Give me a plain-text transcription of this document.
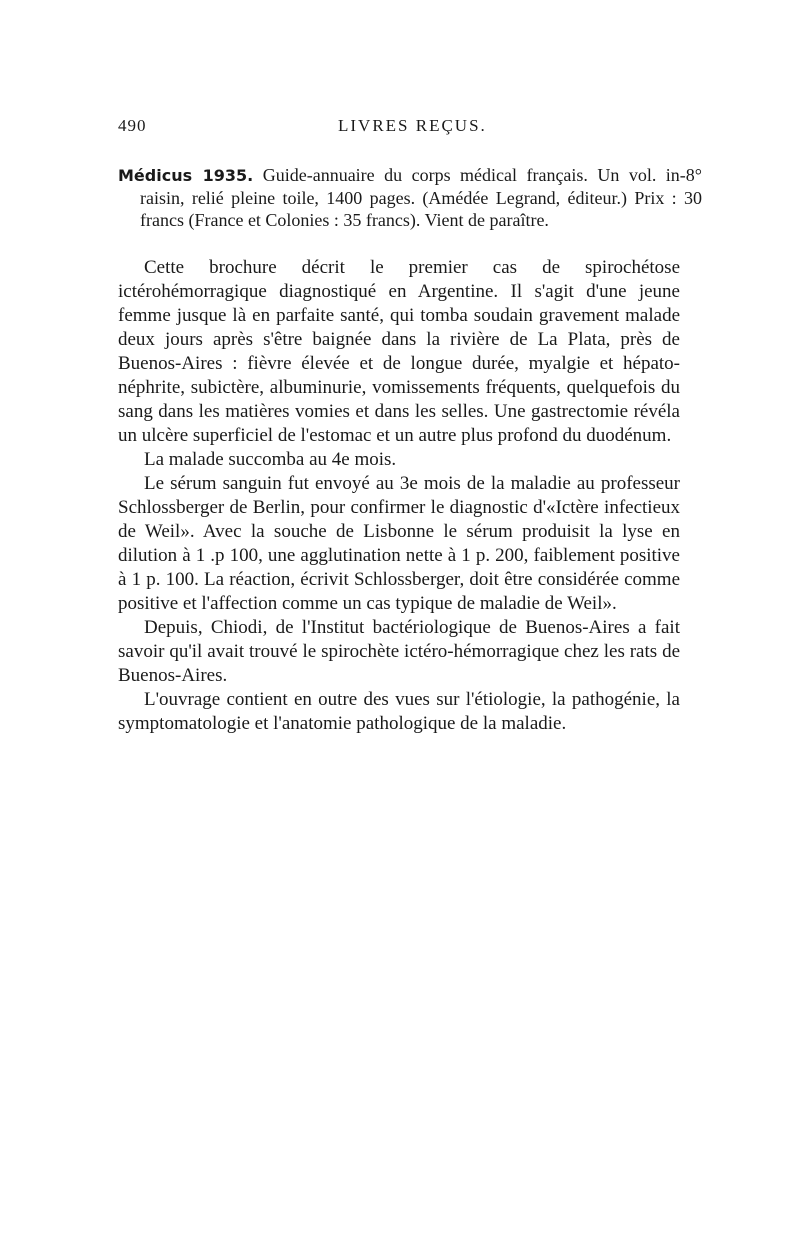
490	LIVRES REÇUS.
Médicus 1935. Guide-annuaire du corps médical français. Un vol. in-8° raisin, relié pleine toile, 1400 pages. (Amédée Legrand, éditeur.) Prix : 30 francs (France et Colonies : 35 francs). Vient de paraître.

Cette brochure décrit le premier cas de spirochétose ictérohémorragique diagnostiqué en Argentine. Il s'agit d'une jeune femme jusque là en parfaite santé, qui tomba soudain gravement malade deux jours après s'être baignée dans la rivière de La Plata, près de Buenos-Aires : fièvre élevée et de longue durée, myalgie et hépato-néphrite, subictère, albuminurie, vomissements fréquents, quelquefois du sang dans les matières vomies et dans les selles. Une gastrectomie révéla un ulcère superficiel de l'estomac et un autre plus profond du duodénum.

La malade succomba au 4e mois.

Le sérum sanguin fut envoyé au 3e mois de la maladie au professeur Schlossberger de Berlin, pour confirmer le diagnostic d'«Ictère infectieux de Weil». Avec la souche de Lisbonne le sérum produisit la lyse en dilution à 1 .p 100, une agglutination nette à 1 p. 200, faiblement positive à 1 p. 100. La réaction, écrivit Schlossberger, doit être considérée comme positive et l'affection comme un cas typique de maladie de Weil».

Depuis, Chiodi, de l'Institut bactériologique de Buenos-Aires a fait savoir qu'il avait trouvé le spirochète ictéro-hémorragique chez les rats de Buenos-Aires.

L'ouvrage contient en outre des vues sur l'étiologie, la pathogénie, la symptomatologie et l'anatomie pathologique de la maladie.
